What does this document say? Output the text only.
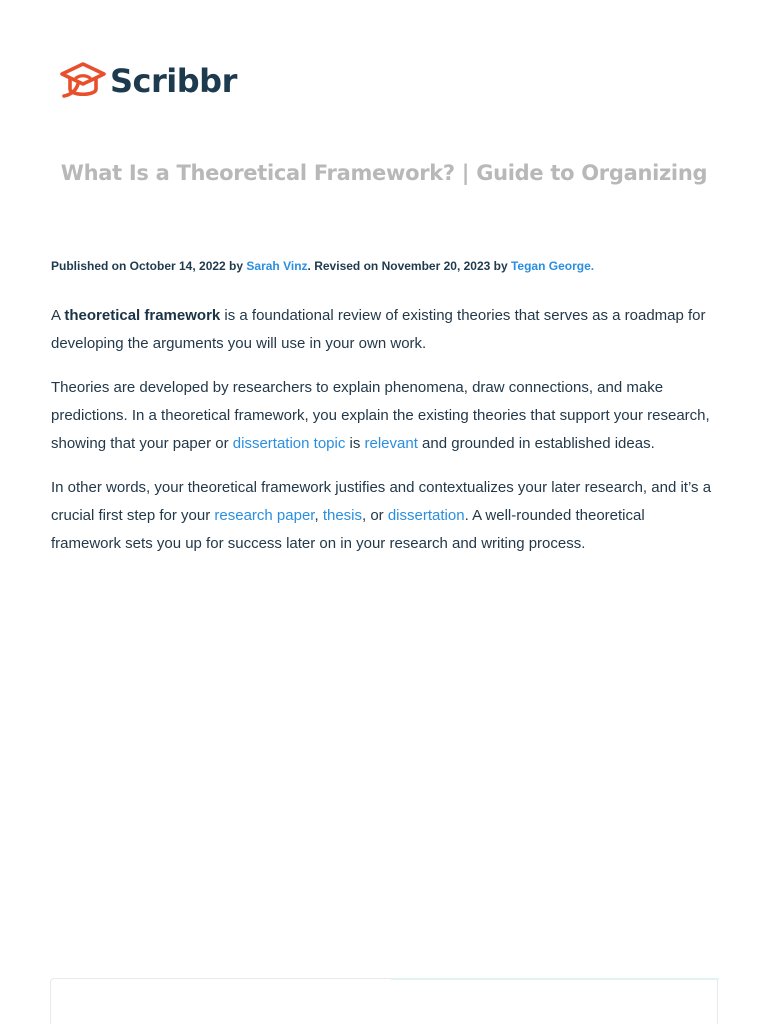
Scribbr
What Is a Theoretical Framework? | Guide to Organizing
Published on October 14, 2022 by Sarah Vinz. Revised on November 20, 2023 by Tegan George.

A theoretical framework is a foundational review of existing theories that serves as a roadmap for developing the arguments you will use in your own work.

Theories are developed by researchers to explain phenomena, draw connections, and make predictions. In a theoretical framework, you explain the existing theories that support your research, showing that your paper or dissertation topic is relevant and grounded in established ideas.

In other words, your theoretical framework justifies and contextualizes your later research, and it’s a crucial first step for your research paper, thesis, or dissertation. A well-rounded theoretical framework sets you up for success later on in your research and writing process.
